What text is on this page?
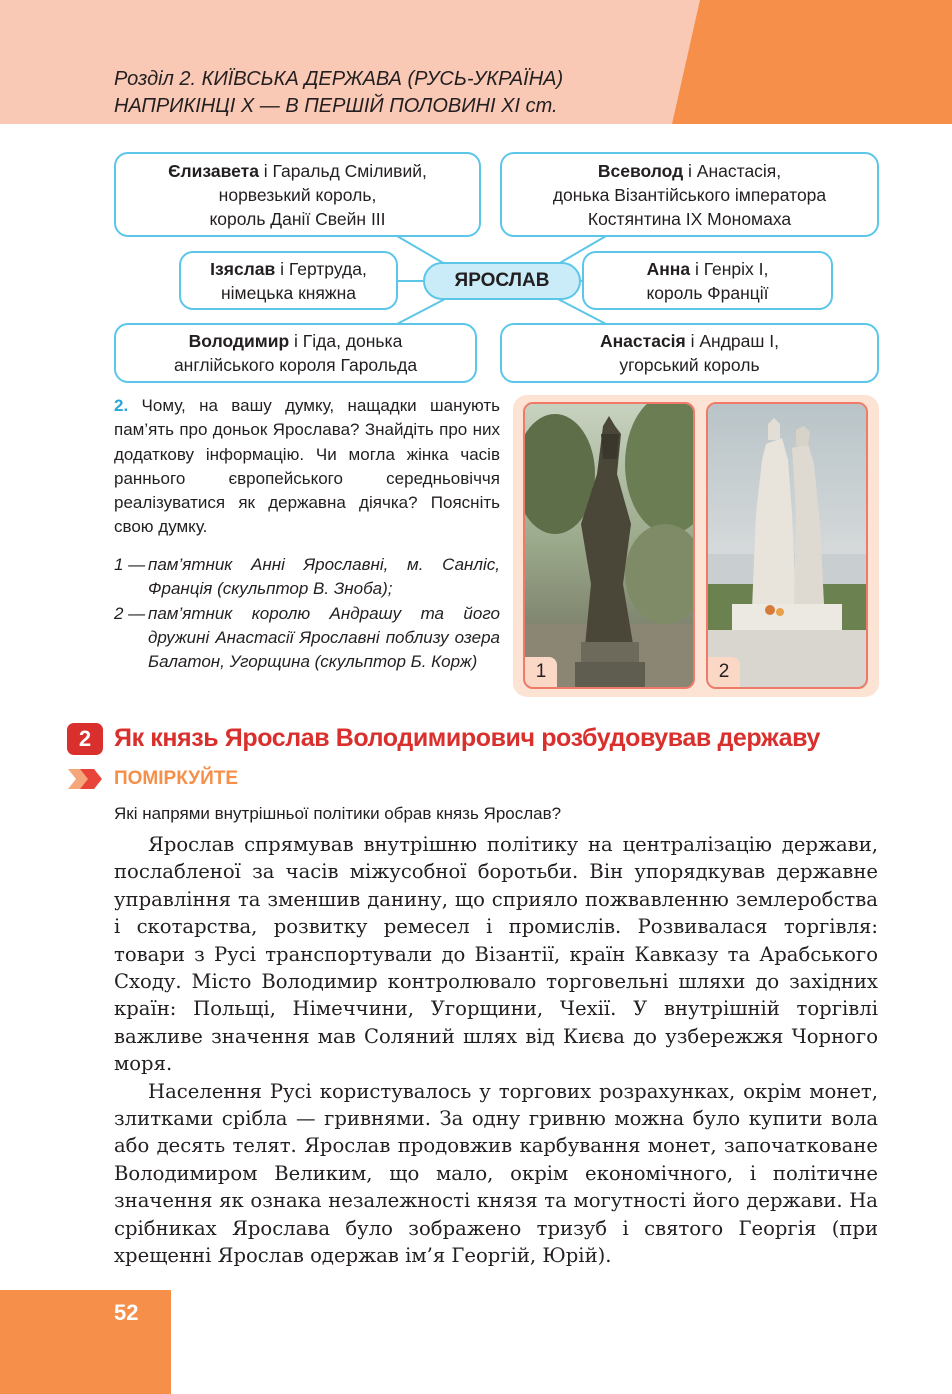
Розділ 2. КИЇВСЬКА ДЕРЖАВА (РУСЬ-УКРАЇНА)
НАПРИКІНЦІ Х — В ПЕРШІЙ ПОЛОВИНІ ХІ ст.

Єлизавета і Гаральд Сміливий,
норвезький король,
король Данії Свейн ІІІ
Всеволод і Анастасія,
донька Візантійського імператора
Костянтина ІХ Мономаха
Ізяслав і Гертруда,
німецька княжна
ЯРОСЛАВ
Анна і Генріх І,
король Франції
Володимир і Гіда, донька
англійського короля Гарольда
Анастасія і Андраш І,
угорський король
2. Чому, на вашу думку, нащадки шанують пам’ять про доньок Ярослава? Знайдіть про них додаткову інформацію. Чи могла жінка часів раннього європейського середньовіччя реалізуватися як державна діячка? Поясніть свою думку.
1 — пам’ятник Анні Ярославні, м. Санліс, Франція (скульптор В. Зноба);
2 — пам’ятник королю Андрашу та його дружині Анастасії Ярославні поблизу озера Балатон, Угорщина (скульптор Б. Корж)	1	2
2 Як князь Ярослав Володимирович розбудовував державу
ПОМІРКУЙТЕ
Які напрями внутрішньої політики обрав князь Ярослав?

Ярослав спрямував внутрішню політику на централізацію держави, послабленої за часів міжусобної боротьби. Він упорядкував державне управління та зменшив данину, що сприяло пожвавленню землеробства і скотарства, розвитку ремесел і промислів. Розвивалася торгівля: товари з Русі транспортували до Візантії, країн Кавказу та Арабського Сходу. Місто Володимир контролювало торговельні шляхи до західних країн: Польщі, Німеччини, Угорщини, Чехії. У внутрішній торгівлі важливе значення мав Соляний шлях від Києва до узбережжя Чорного моря.

Населення Русі користувалось у торгових розрахунках, окрім монет, злитками срібла — гривнями. За одну гривню можна було купити вола або десять телят. Ярослав продовжив карбування монет, започатковане Володимиром Великим, що мало, окрім економічного, і політичне значення як ознака незалежності князя та могутності його держави. На срібниках Ярослава було зображено тризуб і святого Георгія (при хрещенні Ярослав одержав ім’я Георгій, Юрій).

52
